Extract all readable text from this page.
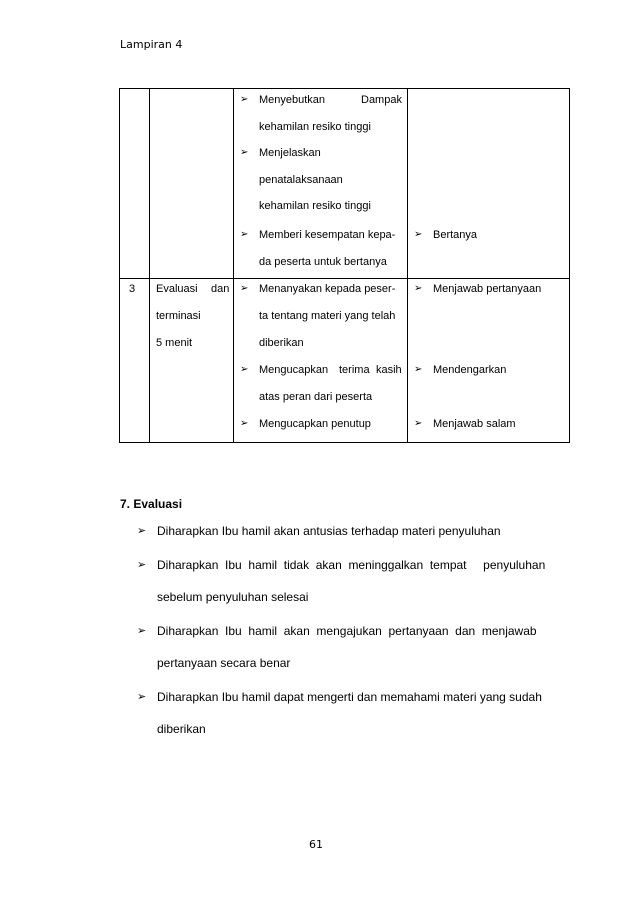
Lampiran 4
➢ Menyebutkan	Dampak
kehamilan resiko tinggi
➢ Menjelaskan
penatalaksanaan
kehamilan resiko tinggi
➢ Memberi kesempatan kepa-
da peserta untuk bertanya
➢ Bertanya
3 Evaluasi dan
terminasi
5 menit
➢ Menanyakan kepada peser-
ta tentang materi yang telah
diberikan
➢ Mengucapkan terima kasih
atas peran dari peserta
➢ Mengucapkan penutup
➢ Menjawab pertanyaan
➢ Mendengarkan
➢ Menjawab salam
7. Evaluasi
➢ Diharapkan Ibu hamil akan antusias terhadap materi penyuluhan
➢ Diharapkan  Ibu  hamil  tidak  akan  meninggalkan  tempat     penyuluhan
sebelum penyuluhan selesai
➢ Diharapkan  Ibu  hamil  akan  mengajukan  pertanyaan  dan  menjawab
pertanyaan secara benar
➢ Diharapkan Ibu hamil dapat mengerti dan memahami materi yang sudah
diberikan
61
